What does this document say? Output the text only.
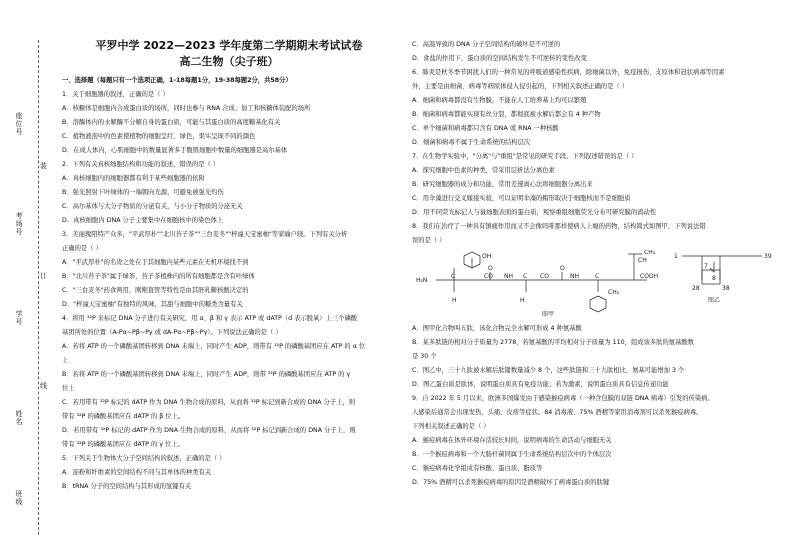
座位号
考场号
学号
姓名
班级
装
订
线
平罗中学 2022—2023 学年度第二学期期末考试试卷
高二生物（尖子班）
一、选择题（每题只有一个选项正确，1-18每题1分，19-38每题2分，共58分）
1．关于细胞器的叙述，正确的是（ ）
A．核糖体是细胞内合成蛋白质的场所，同时也参与 RNA 合成、加工和核糖体装配的场所
B．溶酶体内的水解酶不分解自身的蛋白质，可能与其蛋白质的高度糖基化有关
C．植物液泡中的色素使植物的细胞呈红、绿色，果实呈现不同的颜色
D．在成人体内，心肌细胞中的数量显著多于腹肌细胞中数量的细胞器是高尔基体
2．下列有关真核细胞结构和功能的叙述，错误的是（ ）
A．真核细胞内的细胞器都有利于某些细胞器的依附
B．强光照射下叶绿体的一端朝向光源，可避免被强光灼伤
C．高尔基体与大分子物质的分泌有关，与小分子物质的分泌无关
D．真核细胞内 DNA 分子主要集中在细胞核中的染色体上
3．美丽瑰阳特产众多，"平武厚朴""北川苔子茶""三台麦冬""梓潼天宝蜜柚"等家喻户晓。下列有关分析
正确的是（ ）
A．"平武厚朴"的名贵之处在于其细胞内某些元素在无机环境找不到
B．"北川苔子茶"属于绿茶，苔子茶植株内的所有细胞都是含有叶绿体
C．"三台麦冬"药食两用，刚刚直管等特性是由其胚乳糖核酸决定的
D．"梓潼天宝蜜柚"有独特的风味，其甜与细胞中的糖类含量有关
4．将用 ³²P 来标记 DNA 分子进行有关研究，用 α、β 和 γ 表示 ATP 或 dATP（d 表示脱氧）上三个磷酸
基团所处的位置（A-Pα~Pβ~Pγ 或 dA-Pα~Pβ~Pγ）。下列说法正确的是（ ）
A．若将 ATP 的一个磷酸基团转移到 DNA 末端上，同时产生 ADP，则带有 ³²P 的磷酸基团应在 ATP 的 α 位
上
B．若将 ATP 的一个磷酸基团转移到 DNA 末端上，同时产生 ADP，则带 ³²P 的磷酸基团应在 ATP 的 γ
位上
C．若用带有 ³²P 标记的 dATP 作为 DNA 生物合成的原料，从而将 ³²P 标记到新合成的 DNA 分子上，则
带有 ³²P 的磷酸基团应在 dATP 的 β 位上。
D．若用带有 ³²P 标记的 dATP 作为 DNA 生物合成的原料，从而将 ³²P 标记到新合成的 DNA 分子上，则
带有 ³²P 的磷酸基团应在 dATP 的 γ 位上。
5．下列关于生物体大分子空间结构的叙述，正确的是（ ）
A．淀粉和纤维素的空间结构不同与其单体的种类有关
B．tRNA 分子的空间结构与其形成的氢键有关
C．高温导致的 DNA 分子空间结构的破坏是不可逆的
D．食盐的作用下，蛋白质的空间结构发生不可逆转的变性改变
6．肺炎是秋冬季节困扰人们的一种常见的呼吸道感染性疾病，除细菌以外，免疫损伤、支原体和冠状病毒等因素
外，主要是由细菌、病毒等病原体侵入侵引起的，下列相关叙述正确的是（ ）
A．细菌和病毒都没有生物膜，不能在人工培养基上均可以繁殖
B．细菌和病毒都能实现有丝分裂，都彻底被水解后都会有 4 种产物
C．单个细菌和病毒都只含有 DNA 或 RNA 一种核酸
D．细菌和病毒不属于生命系统的结构层次
7．在生物学实验中，"分离"与"重组"是常见的研究手段。下列叙述错误的是（ ）
A．探究细胞中色素的种类，常采用层析法分离色素
B．研究细胞器的成分和功能，常用差速离心法将细胞器分离出来
C．用伞藻进行交叉嫁接实验，可以证明伞藻的帽形取决于细胞核而不是细胞质
D．用不同荧光标记人与鼠细胞表面的蛋白质，观察重组细胞荧光分布可研究膜的流动性
8．我们在治疗了一种具有镇痛作用而又不会像吗啡那样使病人上瘾的药物，结构简式如图甲，下列说法错
误的是（ ）
H₂N
C	CO NH C CO	NH	C	COOH
H
O
OH
H
O
CH₂
CH
CH₃
图甲
1	39
7
8
28	38
图乙
A．图甲化合物叫五肽，该化合物完全水解可形成 4 种氨基酸
B．某多肽链的相对分子质量为 2778，若氨基酸的平均相对分子质量为 110，组成该多肽的氨基酸数
是 30 个
C．图乙中，三十九肽被水解后肽键数量减少 8 个，这些肽链和三十九肽相比，氨基可能增加 3 个
D．图乙蛋白质是肽体，说明蛋白质具有免疫功能；若为激素，说明蛋白质具有信息传递功能
9．自 2022 年 5 月以来，欧洲多国爆发由于感染猴痘病毒（一种含包膜的双链 DNA 病毒）引发的传染病。
人感染后通常会出现发热、头痛、皮疹等症状。84 消毒液、75% 酒精等家用消毒剂可以杀死猴痘病毒。
下列相关叙述正确的是（ ）
A．猴痘病毒在体外环境存活较长时间，说明病毒的生命活动与细胞无关
B．一个猴痘病毒和一个大肠杆菌同属于生命系统结构层次中的个体层次
C．猴痘病毒化学组成有核酸、蛋白质、脂质等
D．75% 酒精可以杀死猴痘病毒的原因是酒精破坏了病毒蛋白质的肽键
